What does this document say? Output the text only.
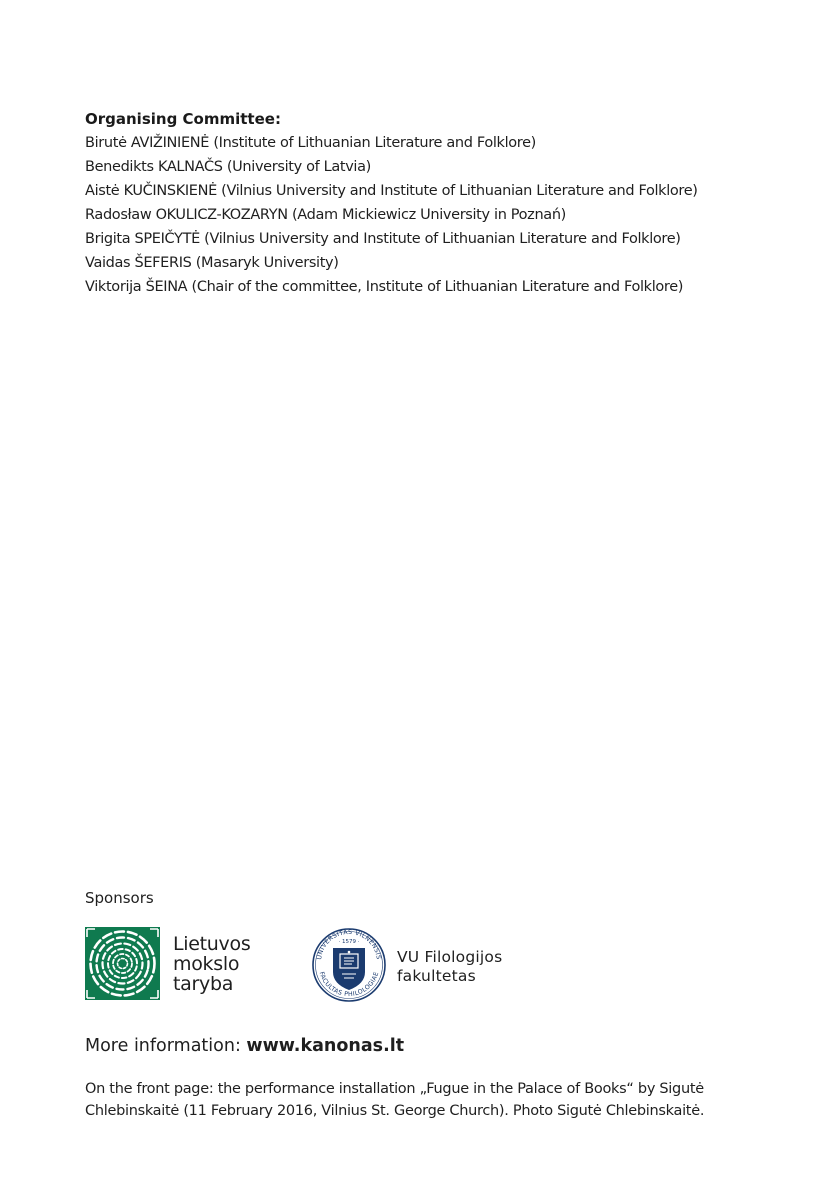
Organising Committee:
Birutė AVIŽINIENĖ (Institute of Lithuanian Literature and Folklore)
Benedikts KALNAČS (University of Latvia)
Aistė KUČINSKIENĖ (Vilnius University and Institute of Lithuanian Literature and Folklore)
Radosław OKULICZ-KOZARYN (Adam Mickiewicz University in Poznań)
Brigita SPEIČYTĖ (Vilnius University and Institute of Lithuanian Literature and Folklore)
Vaidas ŠEFERIS (Masaryk University)
Viktorija ŠEINA (Chair of the committee, Institute of Lithuanian Literature and Folklore)
Sponsors
Lietuvos
mokslo
taryba
UNIVERSITAS VILNENSIS
FACULTAS PHILOLOGIAE
· 1579 ·
VU Filologijos
fakultetas
More information: www.kanonas.lt
On the front page: the performance installation „Fugue in the Palace of Books“ by Sigutė Chlebinskaitė (11 February 2016, Vilnius St. George Church). Photo Sigutė Chlebinskaitė.
